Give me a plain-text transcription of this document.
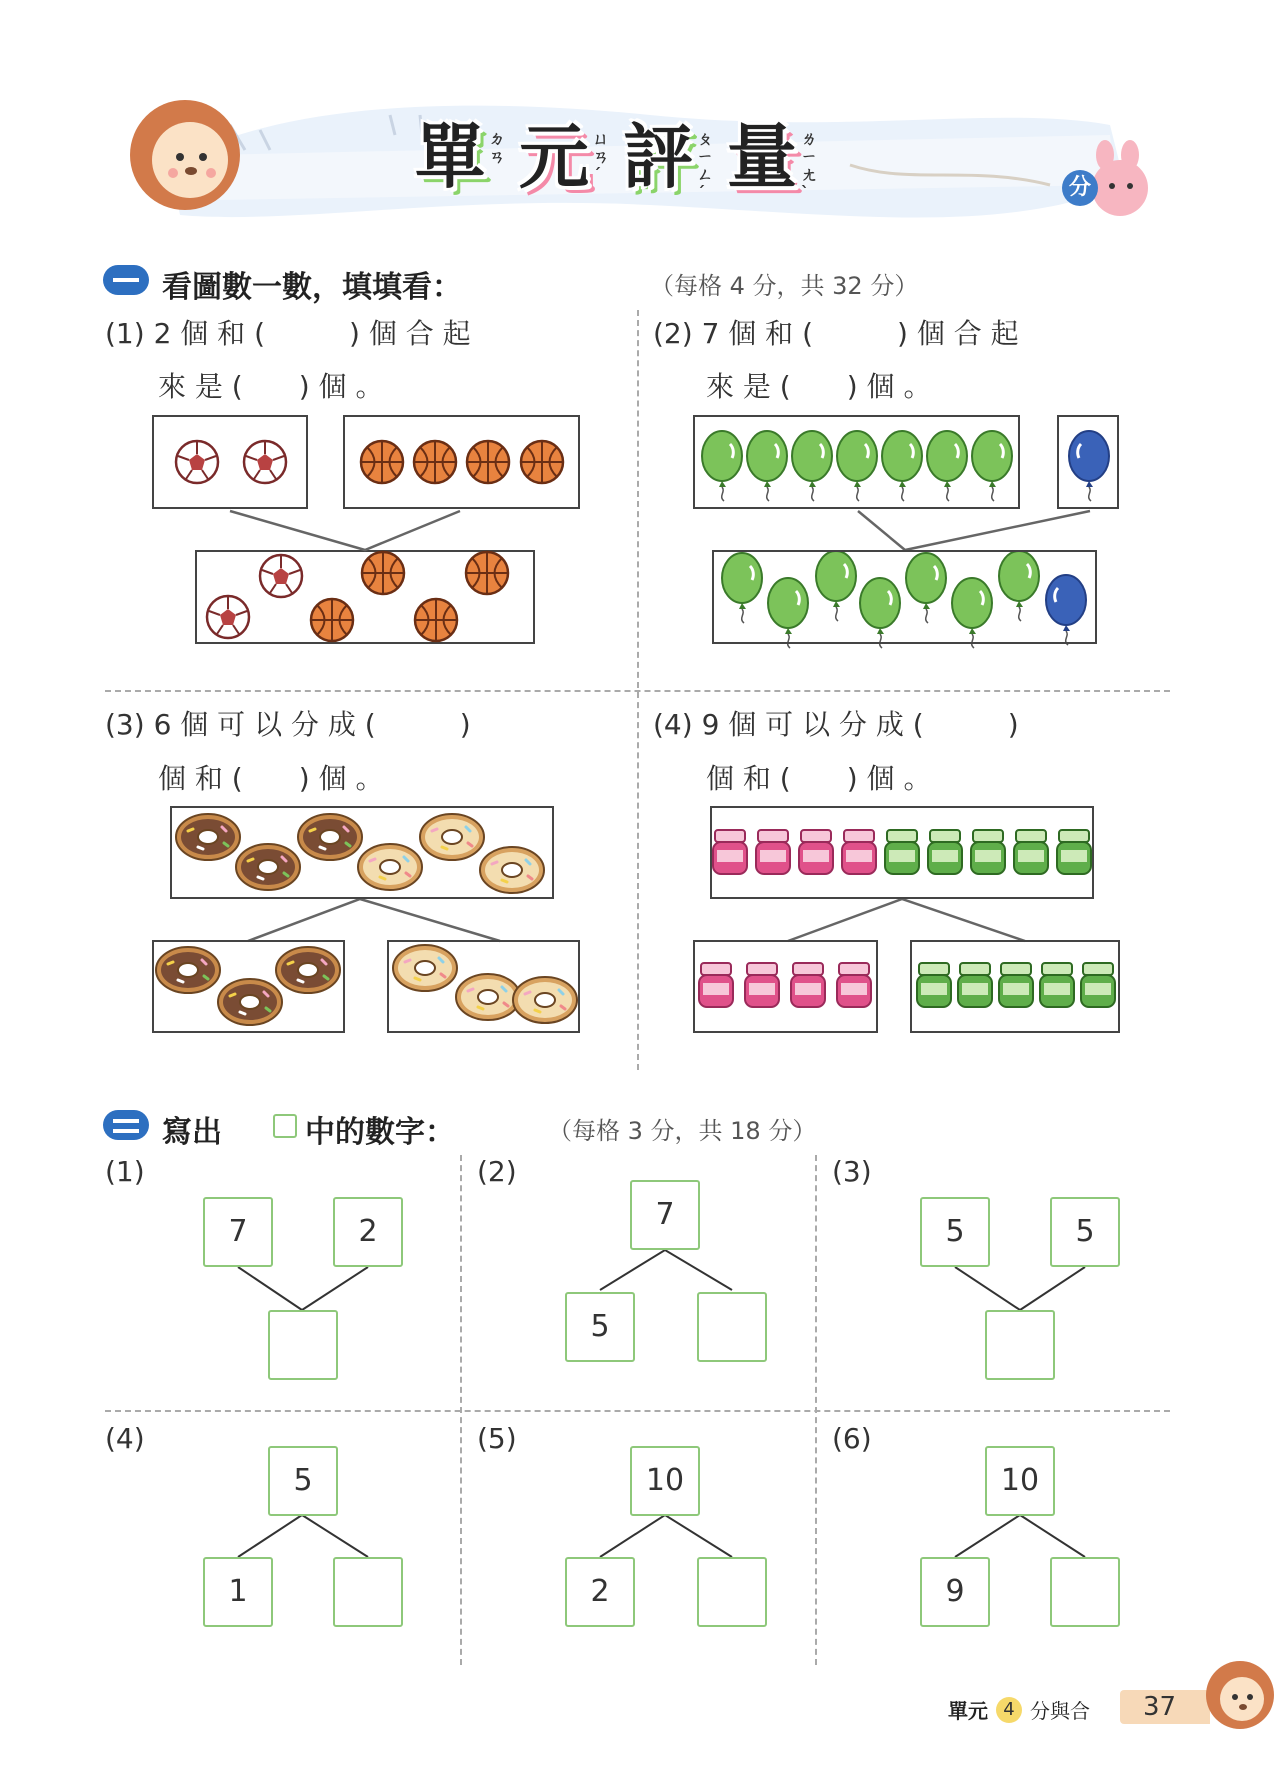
單 ㄉㄢ 元 ㄩㄢˊ 評 ㄆㄧㄥˊ 量 ㄌㄧㄤˋ	分
看圖數一數，填填看：	（每格 4 分，共 32 分）
(1) 2 個 和 (　　　) 個 合 起
來 是 (　　) 個 。
(2) 7 個 和 (　　　) 個 合 起
來 是 (　　) 個 。
(3) 6 個 可 以 分 成 (　　　)
個 和 (　　) 個 。
(4) 9 個 可 以 分 成 (　　　)
個 和 (　　) 個 。
寫出	中的數字：	（每格 3 分，共 18 分）
(1)
7	2
(2)
7
5
(3)
5	5
(4)
5
1
(5)
10
2
(6)
10
9
單元 4 分與合 37
